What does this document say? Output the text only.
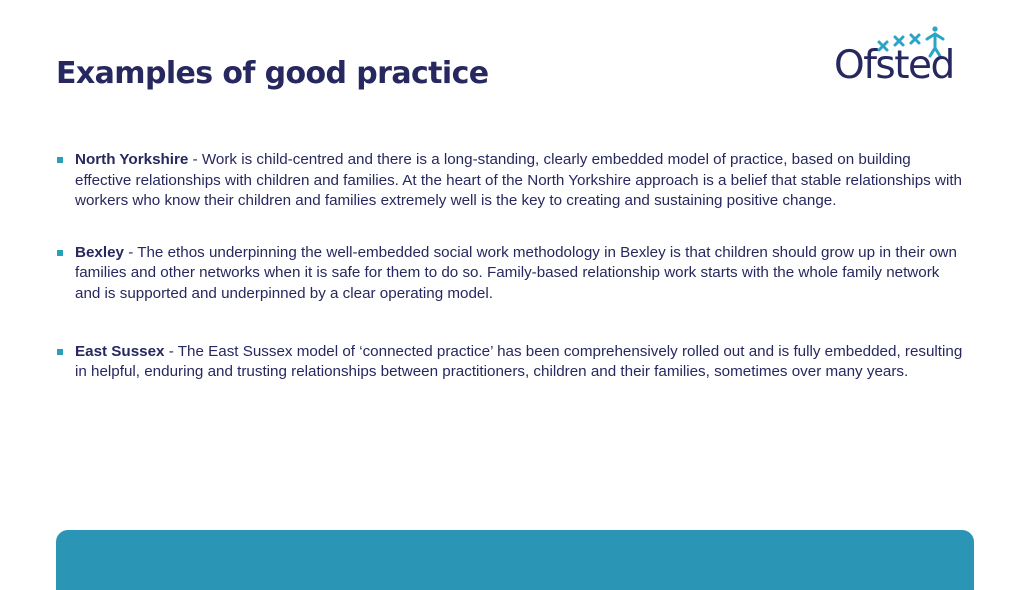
Examples of good practice	Ofsted
North Yorkshire - Work is child-centred and there is a long-standing, clearly embedded model of practice, based on building effective relationships with children and families. At the heart of the North Yorkshire approach is a belief that stable relationships with workers who know their children and families extremely well is the key to creating and sustaining positive change.
Bexley - The ethos underpinning the well-embedded social work methodology in Bexley is that children should grow up in their own families and other networks when it is safe for them to do so. Family-based relationship work starts with the whole family network and is supported and underpinned by a clear operating model.
East Sussex - The East Sussex model of ‘connected practice’ has been comprehensively rolled out and is fully embedded, resulting in helpful, enduring and trusting relationships between practitioners, children and their families, sometimes over many years.
